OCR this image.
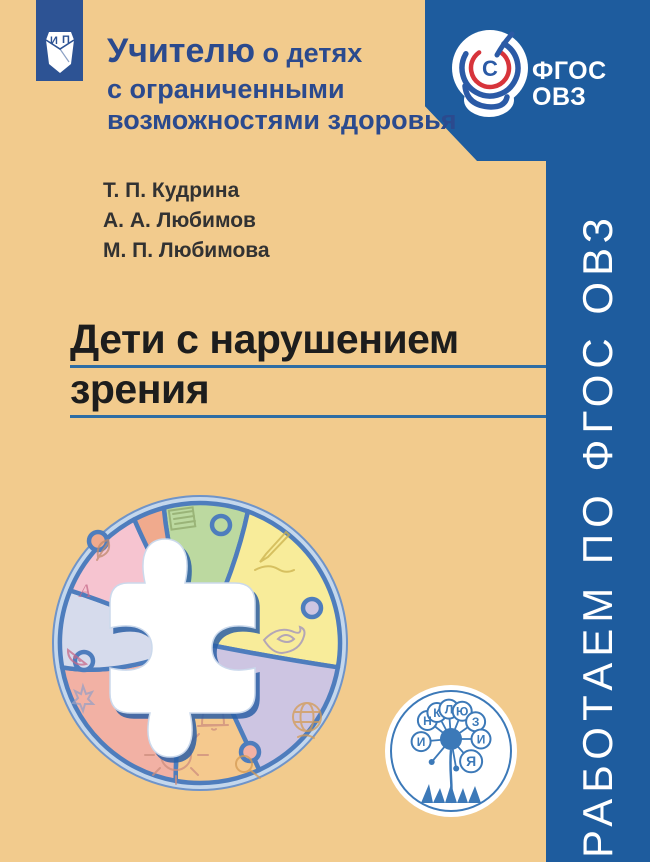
РАБОТАЕМ ПО ФГОС ОВЗ
И П Учителю о детях
с ограниченными
возможностями здоровья
С ФГОС
ОВЗ
Т. П. Кудрина
А. А. Любимов
М. П. Любимова
Дети с нарушением
зрения
А
И
Н
К Л Ю
З
И
Я
